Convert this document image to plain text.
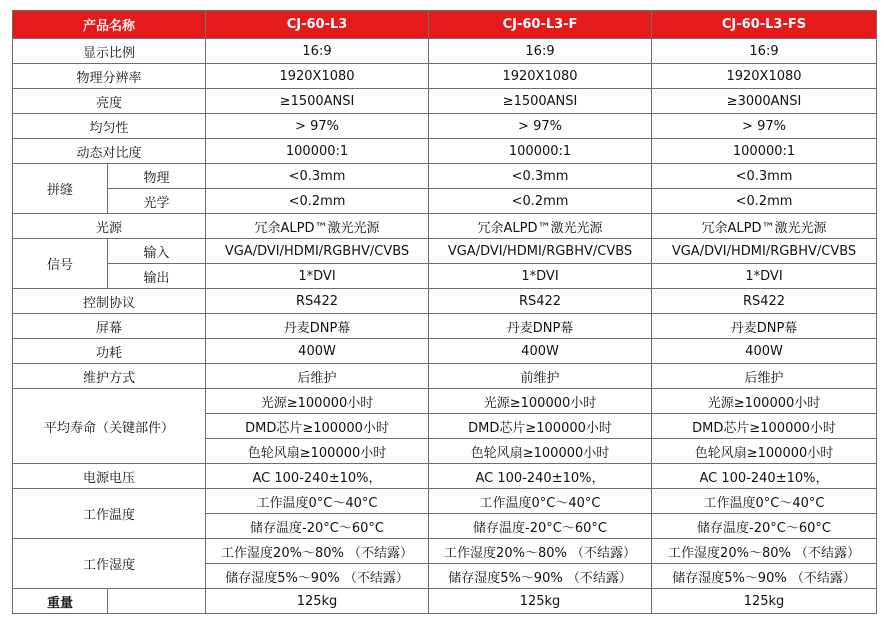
产品名称		CJ-60-L3	CJ-60-L3-F	CJ-60-L3-FS
显示比例		16:9	16:9	16:9
物理分辨率		1920X1080	1920X1080	1920X1080
亮度		≥1500ANSI	≥1500ANSI	≥3000ANSI
均匀性		> 97%	> 97%	> 97%
动态对比度		100000:1	100000:1	100000:1
拼缝	物理	<0.3mm	<0.3mm	<0.3mm
	光学	<0.2mm	<0.2mm	<0.2mm
光源		冗余ALPD™激光光源	冗余ALPD™激光光源	冗余ALPD™激光光源
信号	输入	VGA/DVI/HDMI/RGBHV/CVBS	VGA/DVI/HDMI/RGBHV/CVBS	VGA/DVI/HDMI/RGBHV/CVBS
	输出	1*DVI	1*DVI	1*DVI
控制协议		RS422	RS422	RS422
屏幕		丹麦DNP幕	丹麦DNP幕	丹麦DNP幕
功耗		400W	400W	400W
维护方式		后维护	前维护	后维护
平均寿命（关键部件）		光源≥100000小时	光源≥100000小时	光源≥100000小时
		DMD芯片≥100000小时	DMD芯片≥100000小时	DMD芯片≥100000小时
		色轮风扇≥100000小时	色轮风扇≥100000小时	色轮风扇≥100000小时
电源电压		AC 100-240±10%，	AC 100-240±10%，	AC 100-240±10%，
工作温度		工作温度0°C～40°C	工作温度0°C～40°C	工作温度0°C～40°C
		储存温度-20°C～60°C	储存温度-20°C～60°C	储存温度-20°C～60°C
工作湿度		工作湿度20%～80% （不结露）	工作湿度20%～80% （不结露）	工作湿度20%～80% （不结露）
		储存湿度5%～90% （不结露）	储存湿度5%～90% （不结露）	储存湿度5%～90% （不结露）
重量		125kg	125kg	125kg
